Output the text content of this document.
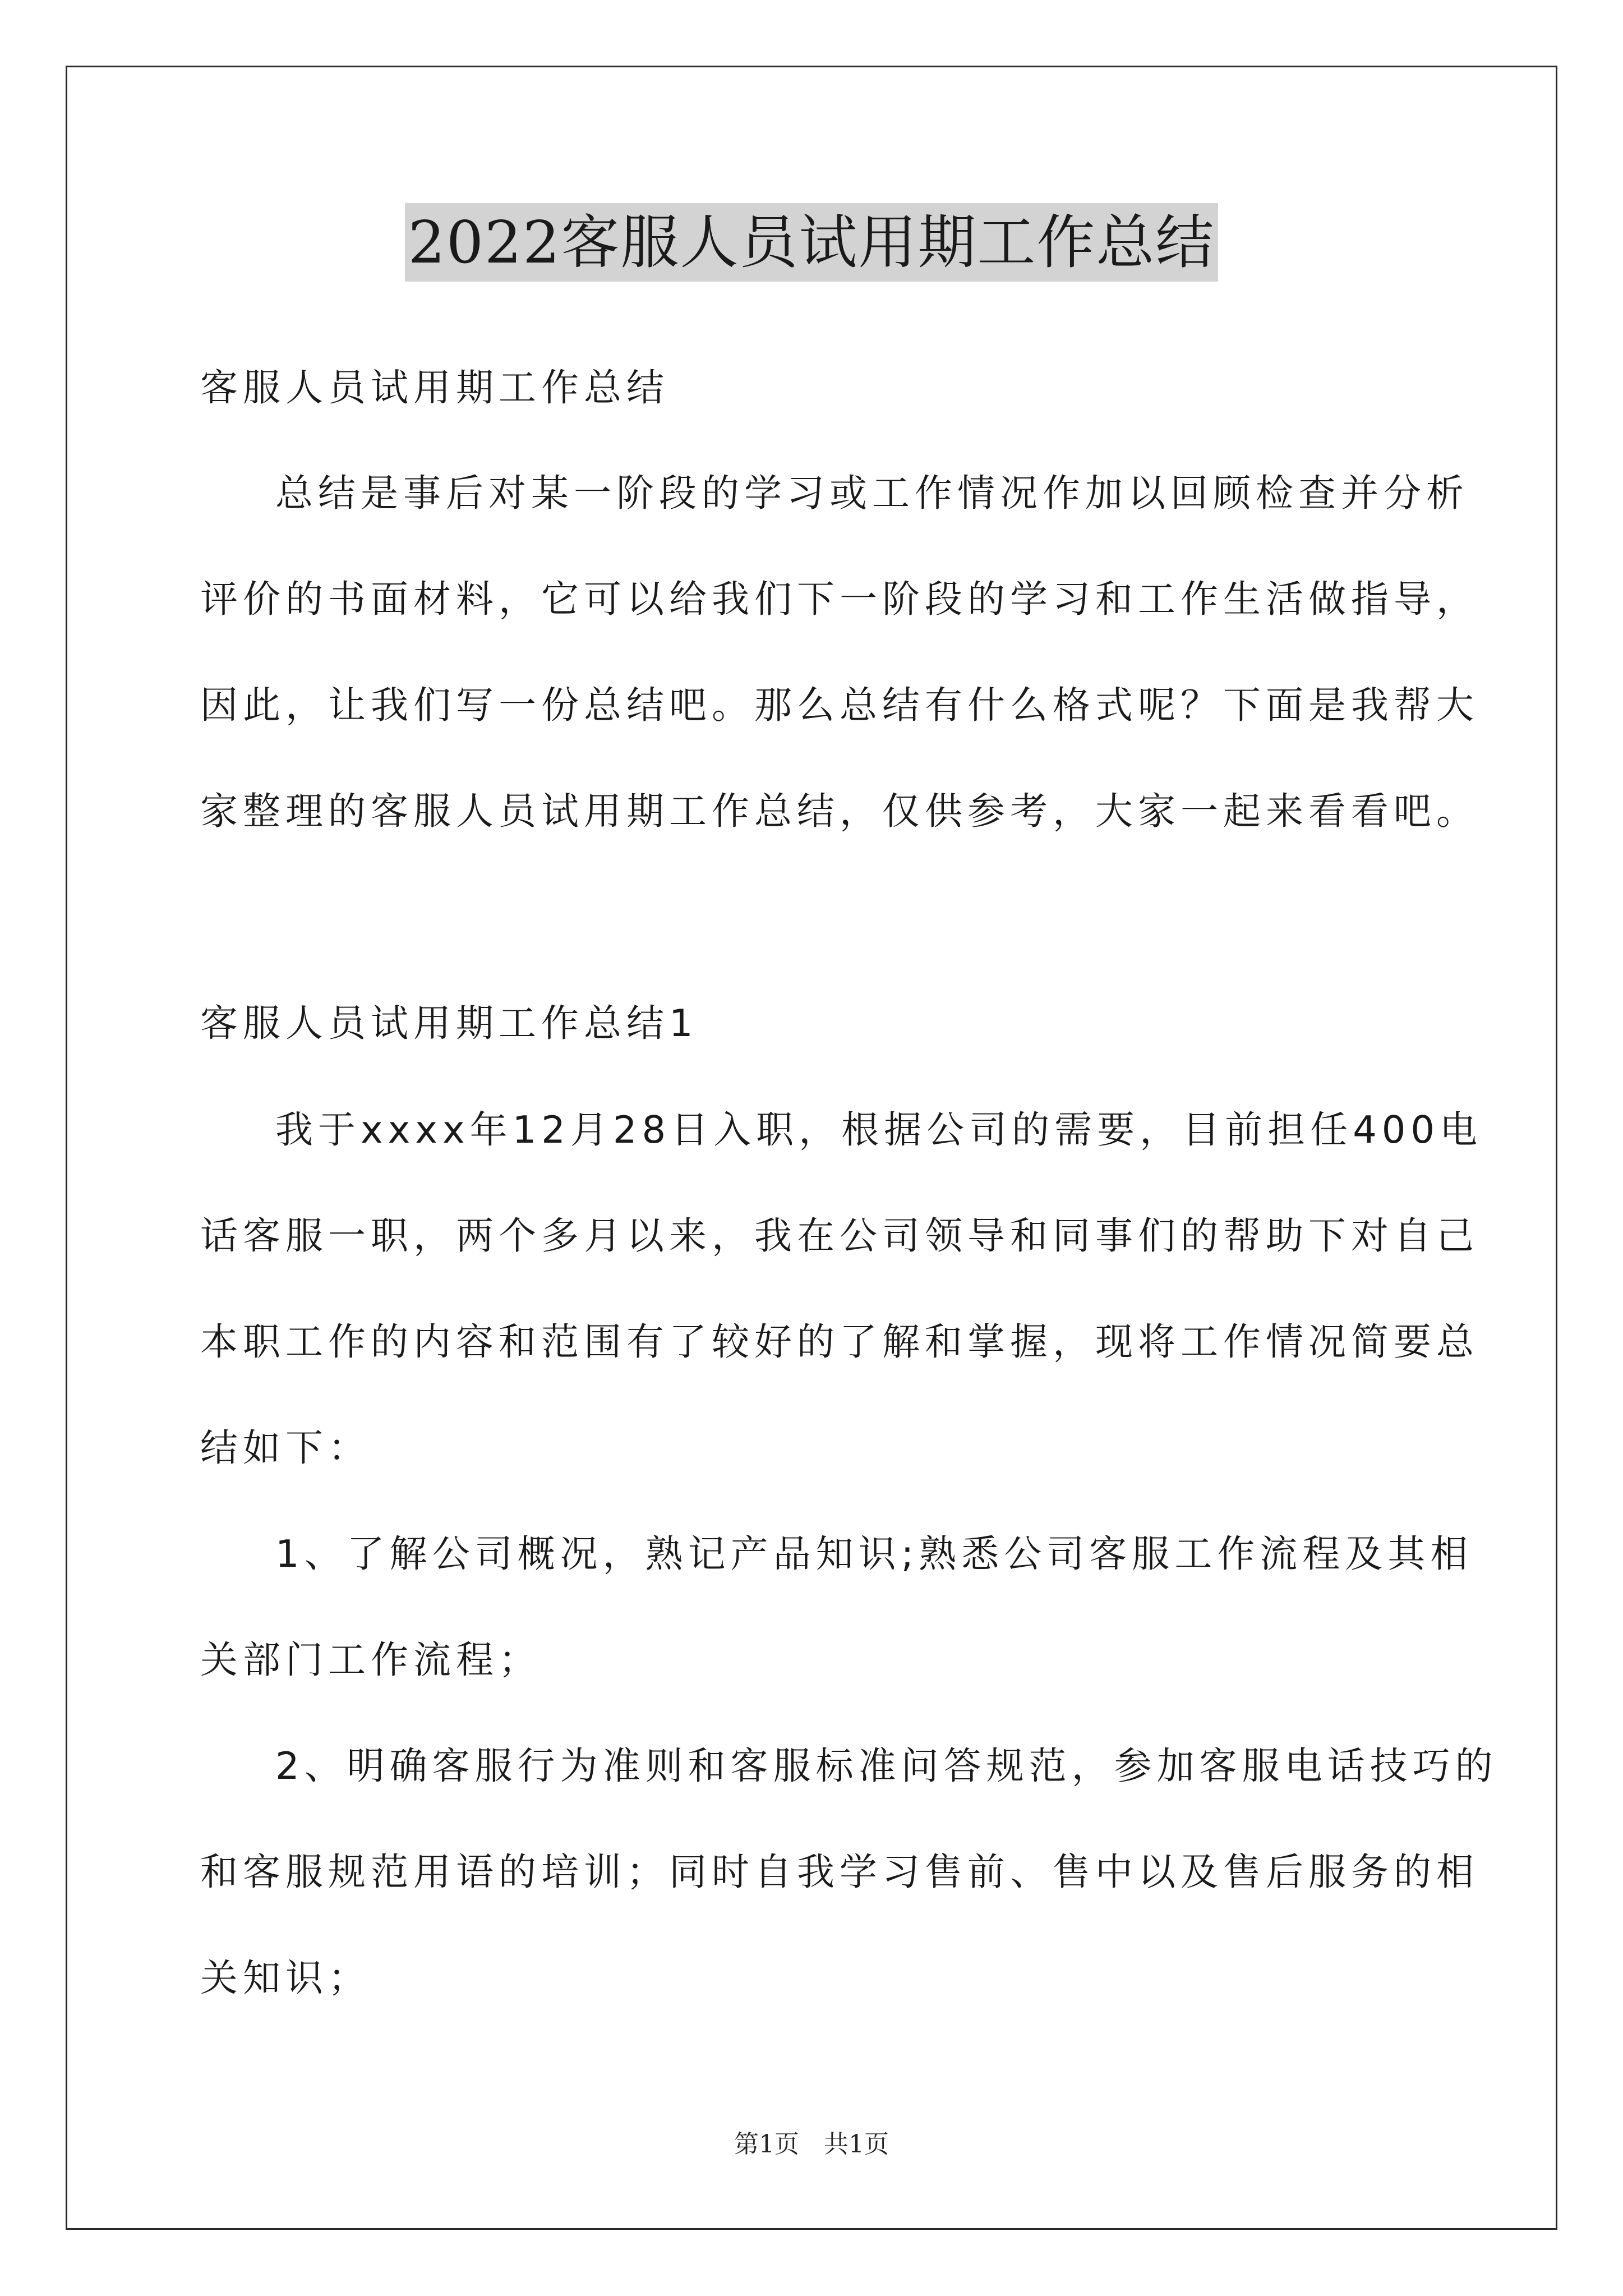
2022客服人员试用期工作总结

客服人员试用期工作总结

总结是事后对某一阶段的学习或工作情况作加以回顾检查并分析

评价的书面材料，它可以给我们下一阶段的学习和工作生活做指导，

因此，让我们写一份总结吧。那么总结有什么格式呢？下面是我帮大

家整理的客服人员试用期工作总结，仅供参考，大家一起来看看吧。

客服人员试用期工作总结1

我于xxxx年12月28日入职，根据公司的需要，目前担任400电

话客服一职，两个多月以来，我在公司领导和同事们的帮助下对自己

本职工作的内容和范围有了较好的了解和掌握，现将工作情况简要总

结如下：

1、了解公司概况，熟记产品知识;熟悉公司客服工作流程及其相

关部门工作流程；

2、明确客服行为准则和客服标准问答规范，参加客服电话技巧的

和客服规范用语的培训；同时自我学习售前、售中以及售后服务的相

关知识；

第1页　共1页
